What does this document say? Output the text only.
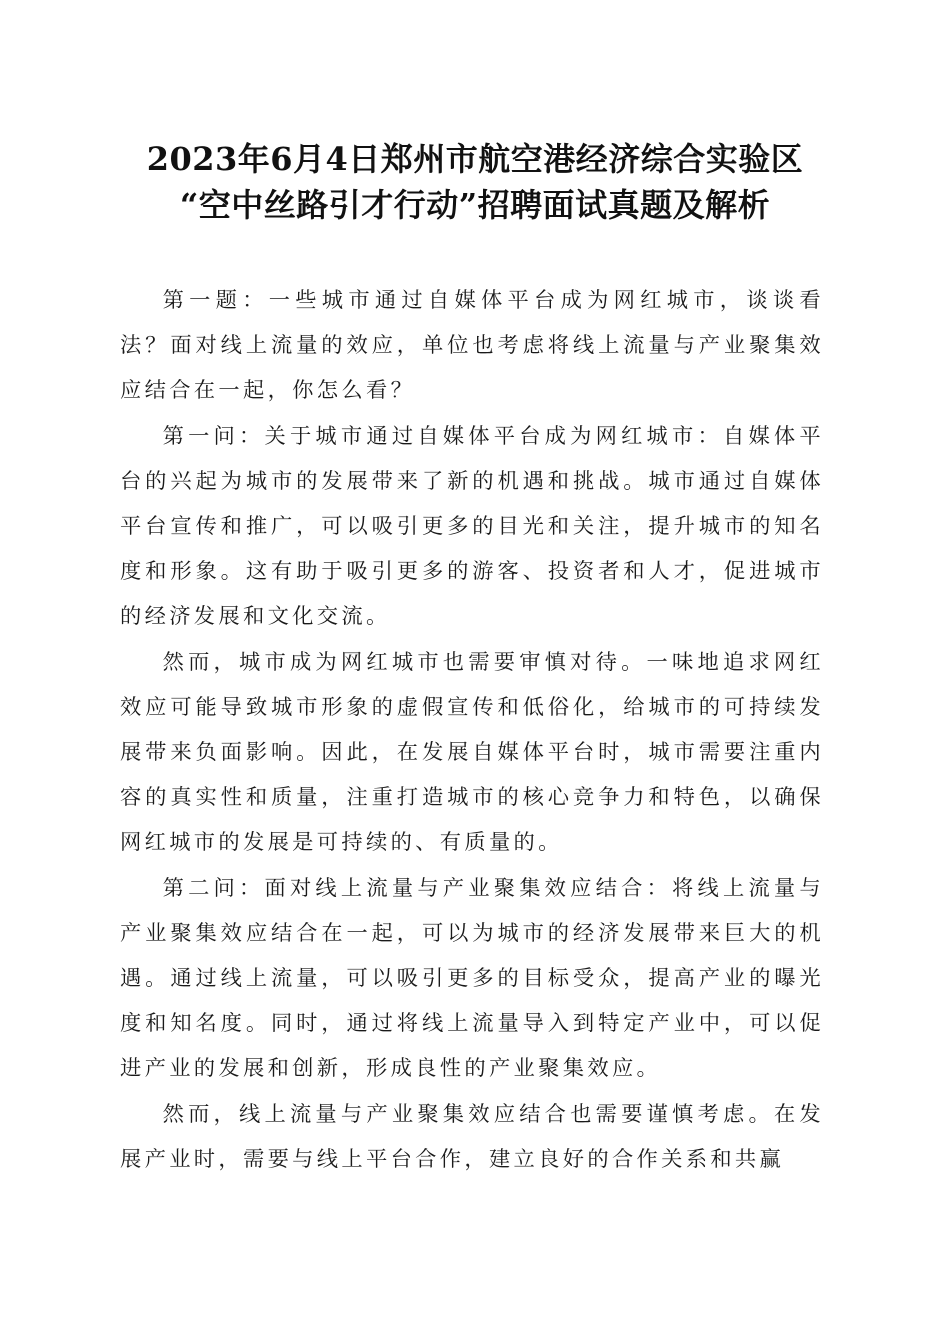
2023年6月4日郑州市航空港经济综合实验区
“空中丝路引才行动”招聘面试真题及解析

第一题：一些城市通过自媒体平台成为网红城市，谈谈看法？面对线上流量的效应，单位也考虑将线上流量与产业聚集效应结合在一起，你怎么看？

第一问：关于城市通过自媒体平台成为网红城市：自媒体平台的兴起为城市的发展带来了新的机遇和挑战。城市通过自媒体平台宣传和推广，可以吸引更多的目光和关注，提升城市的知名度和形象。这有助于吸引更多的游客、投资者和人才，促进城市的经济发展和文化交流。

然而，城市成为网红城市也需要审慎对待。一味地追求网红效应可能导致城市形象的虚假宣传和低俗化，给城市的可持续发展带来负面影响。因此，在发展自媒体平台时，城市需要注重内容的真实性和质量，注重打造城市的核心竞争力和特色，以确保网红城市的发展是可持续的、有质量的。

第二问：面对线上流量与产业聚集效应结合：将线上流量与产业聚集效应结合在一起，可以为城市的经济发展带来巨大的机遇。通过线上流量，可以吸引更多的目标受众，提高产业的曝光度和知名度。同时，通过将线上流量导入到特定产业中，可以促进产业的发展和创新，形成良性的产业聚集效应。

然而，线上流量与产业聚集效应结合也需要谨慎考虑。在发展产业时，需要与线上平台合作，建立良好的合作关系和共赢
